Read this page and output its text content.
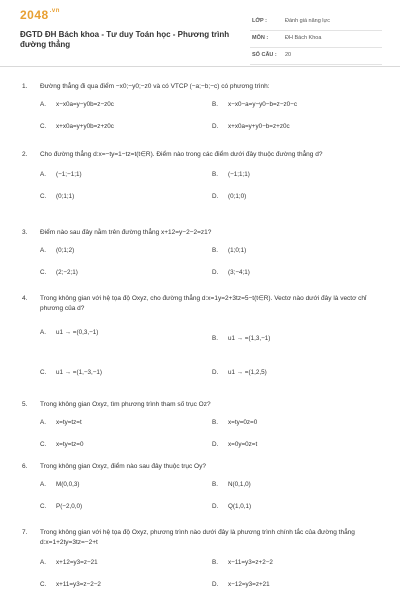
$2048^{.vn}$
ĐGTD ĐH Bách khoa - Tư duy Toán học - Phương trình đường thẳng
LỚP :	Đánh giá năng lực
MÔN :	ĐH Bách Khoa
SỐ CÂU : 20
1. Đường thẳng đi qua điểm −x0;−y0;−z0 và có VTCP (−a;−b;−c) có phương trình:
A. x−x0a=y−y0b=z−z0c	B. x−x0−a=y−y0−b=z−z0−c
C. x+x0a=y+y0b=z+z0c	D. x+x0a=y+y0−b=z+z0c
2. Cho đường thẳng d:x=−ty=1−tz=t(t∈R). Điểm nào trong các điểm dưới đây thuộc đường thẳng d?
A. (−1;−1;1)	B. (−1;1;1)
C. (0;1;1)	D. (0;1;0)
3. Điểm nào sau đây nằm trên đường thẳng x+12=y−2−2=z1?
A. (0;1;2)	B. (1;0;1)
C. (2;−2;1)	D. (3;−4;1)
4. Trong không gian với hệ tọa độ Oxyz, cho đường thẳng d:x=1y=2+3tz=5−t(t∈R). Vectơ nào dưới đây là vectơ chỉ phương của d?
A. u1 → =(0,3,−1)
B. u1 → =(1,3,−1)
C. u1 → =(1,−3,−1)	D. u1 → =(1,2,5)
5. Trong không gian Oxyz, tìm phương trình tham số trục Oz?
A. x=ty=tz=t	B. x=ty=0z=0
C. x=ty=tz=0	D. x=0y=0z=t
6. Trong không gian Oxyz, điểm nào sau đây thuộc trục Oy?
A. M(0,0,3)	B. N(0,1,0)
C. P(−2,0,0)	D. Q(1,0,1)
7. Trong không gian với hệ tọa độ Oxyz, phương trình nào dưới đây là phương trình chính tắc của đường thẳng d:x=1+2ty=3tz=−2+t
A. x+12=y3=z−21	B. x−11=y3=z+2−2
C. x+11=y3=z−2−2	D. x−12=y3=z+21
